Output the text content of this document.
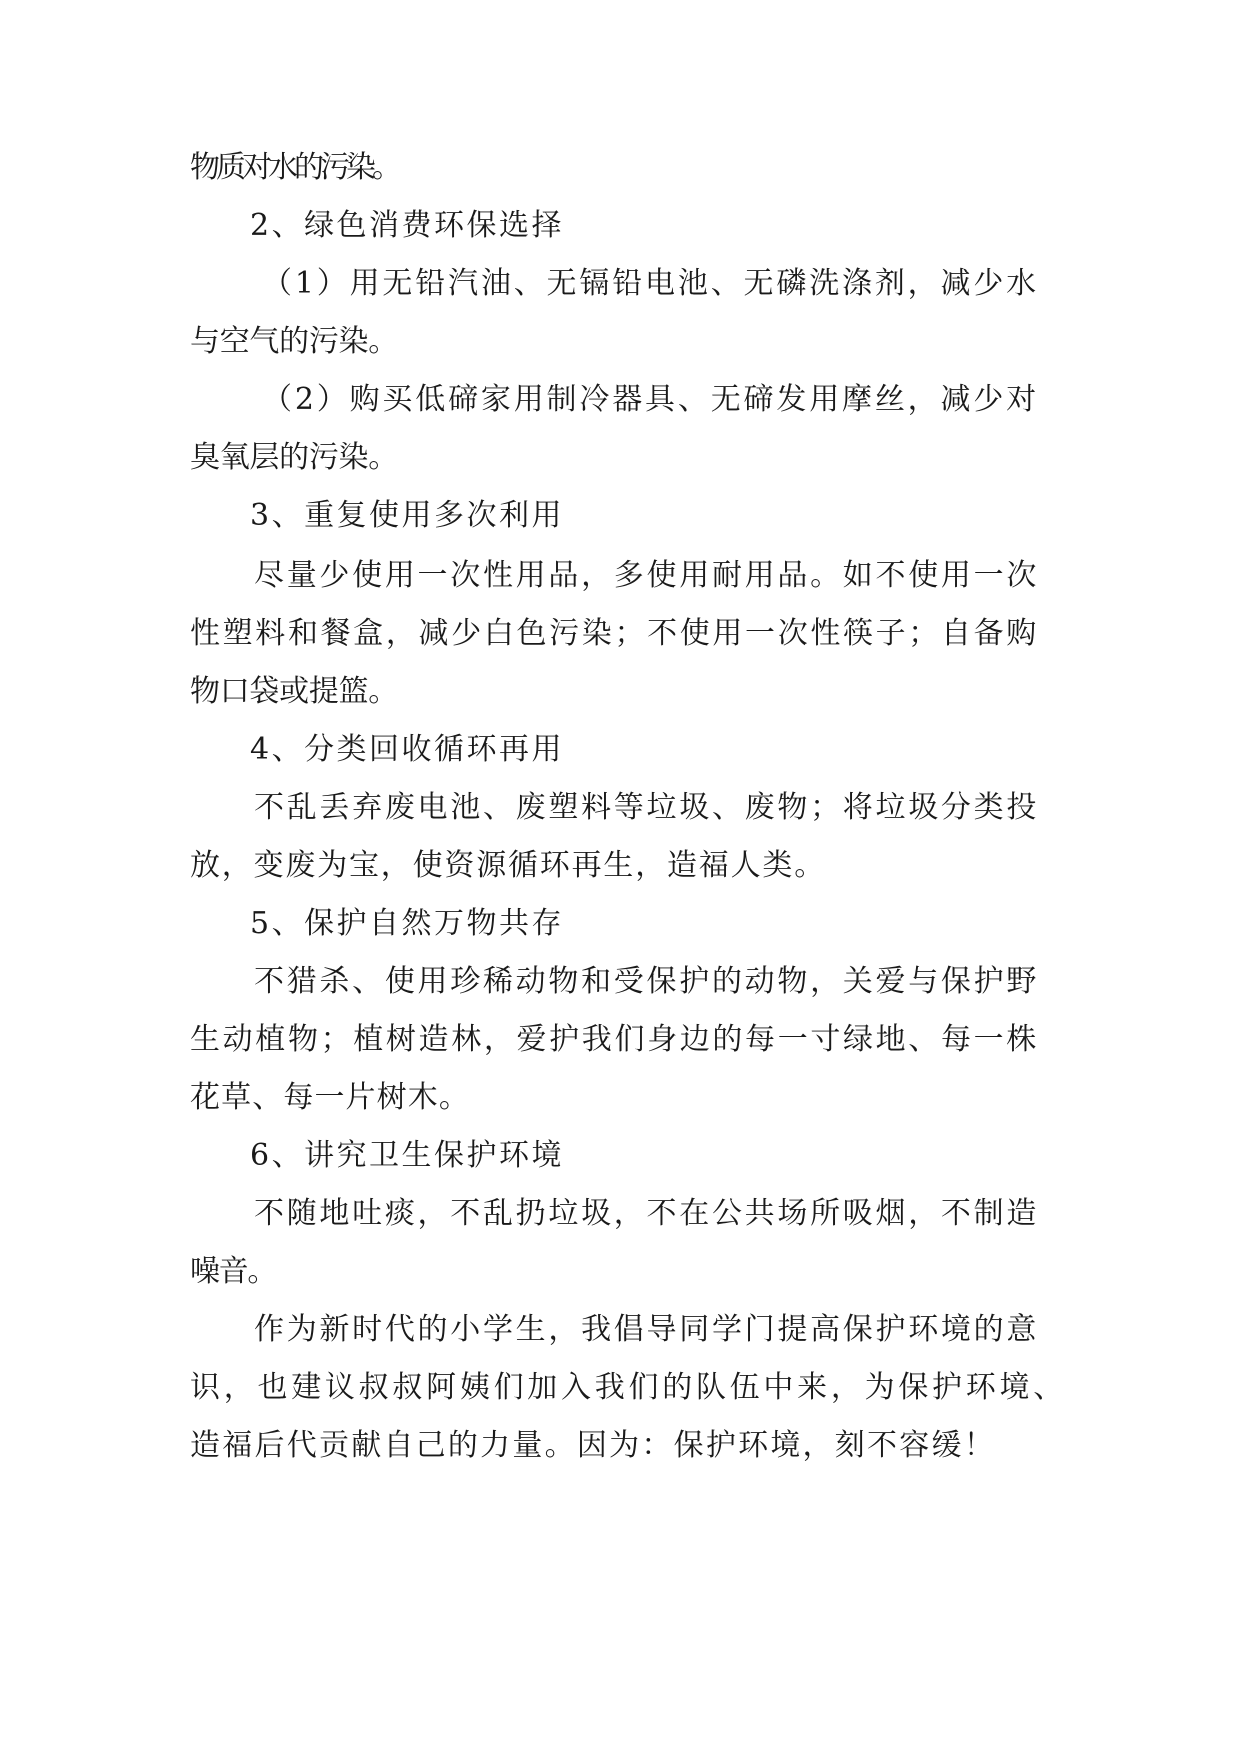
物质对水的污染。

2、绿色消费环保选择

（1）用无铅汽油、无镉铅电池、无磷洗涤剂，减少水

与空气的污染。

（2）购买低碲家用制冷器具、无碲发用摩丝，减少对

臭氧层的污染。

3、重复使用多次利用

尽量少使用一次性用品，多使用耐用品。如不使用一次

性塑料和餐盒，减少白色污染；不使用一次性筷子；自备购

物口袋或提篮。

4、分类回收循环再用

不乱丢弃废电池、废塑料等垃圾、废物；将垃圾分类投

放，变废为宝，使资源循环再生，造福人类。

5、保护自然万物共存

不猎杀、使用珍稀动物和受保护的动物，关爱与保护野

生动植物；植树造林，爱护我们身边的每一寸绿地、每一株

花草、每一片树木。

6、讲究卫生保护环境

不随地吐痰，不乱扔垃圾，不在公共场所吸烟，不制造

噪音。

作为新时代的小学生，我倡导同学门提高保护环境的意

识，也建议叔叔阿姨们加入我们的队伍中来，为保护环境、

造福后代贡献自己的力量。因为：保护环境，刻不容缓！
